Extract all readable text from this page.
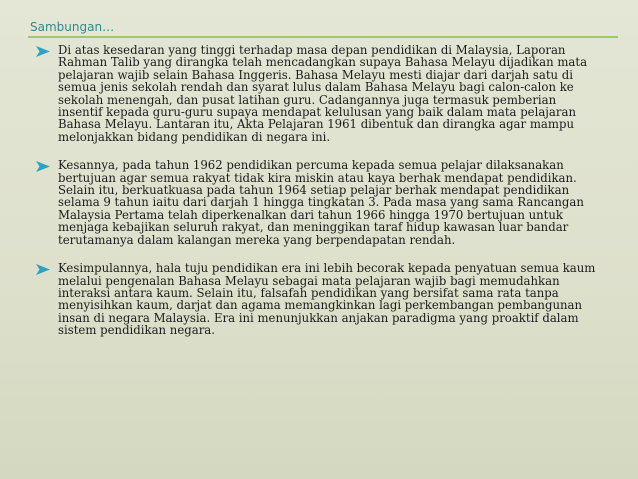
Sambungan…
Di atas kesedaran yang tinggi terhadap masa depan pendidikan di Malaysia, Laporan Rahman Talib yang dirangka telah mencadangkan supaya Bahasa Melayu dijadikan mata pelajaran wajib selain Bahasa Inggeris. Bahasa Melayu mesti diajar dari darjah satu di semua jenis sekolah rendah dan syarat lulus dalam Bahasa Melayu bagi calon-calon ke sekolah menengah, dan pusat latihan guru. Cadangannya juga termasuk pemberian insentif kepada guru-guru supaya mendapat kelulusan yang baik dalam mata pelajaran Bahasa Melayu. Lantaran itu, Akta Pelajaran 1961 dibentuk dan dirangka agar mampu melonjakkan bidang pendidikan di negara ini.
Kesannya, pada tahun 1962 pendidikan percuma kepada semua pelajar dilaksanakan bertujuan agar semua rakyat tidak kira miskin atau kaya berhak mendapat pendidikan. Selain itu, berkuatkuasa pada tahun 1964 setiap pelajar berhak mendapat pendidikan selama 9 tahun iaitu dari darjah 1 hingga tingkatan 3. Pada masa yang sama Rancangan Malaysia Pertama telah diperkenalkan dari tahun 1966 hingga 1970 bertujuan untuk menjaga kebajikan seluruh rakyat, dan meninggikan taraf hidup kawasan luar bandar terutamanya dalam kalangan mereka yang berpendapatan rendah.
Kesimpulannya, hala tuju pendidikan era ini lebih becorak kepada penyatuan semua kaum melalui pengenalan Bahasa Melayu sebagai mata pelajaran wajib bagi memudahkan interaksi antara kaum. Selain itu, falsafah pendidikan yang bersifat sama rata tanpa menyisihkan kaum, darjat dan agama memangkinkan lagi perkembangan pembangunan insan di negara Malaysia. Era ini menunjukkan anjakan paradigma yang proaktif dalam sistem pendidikan negara.
